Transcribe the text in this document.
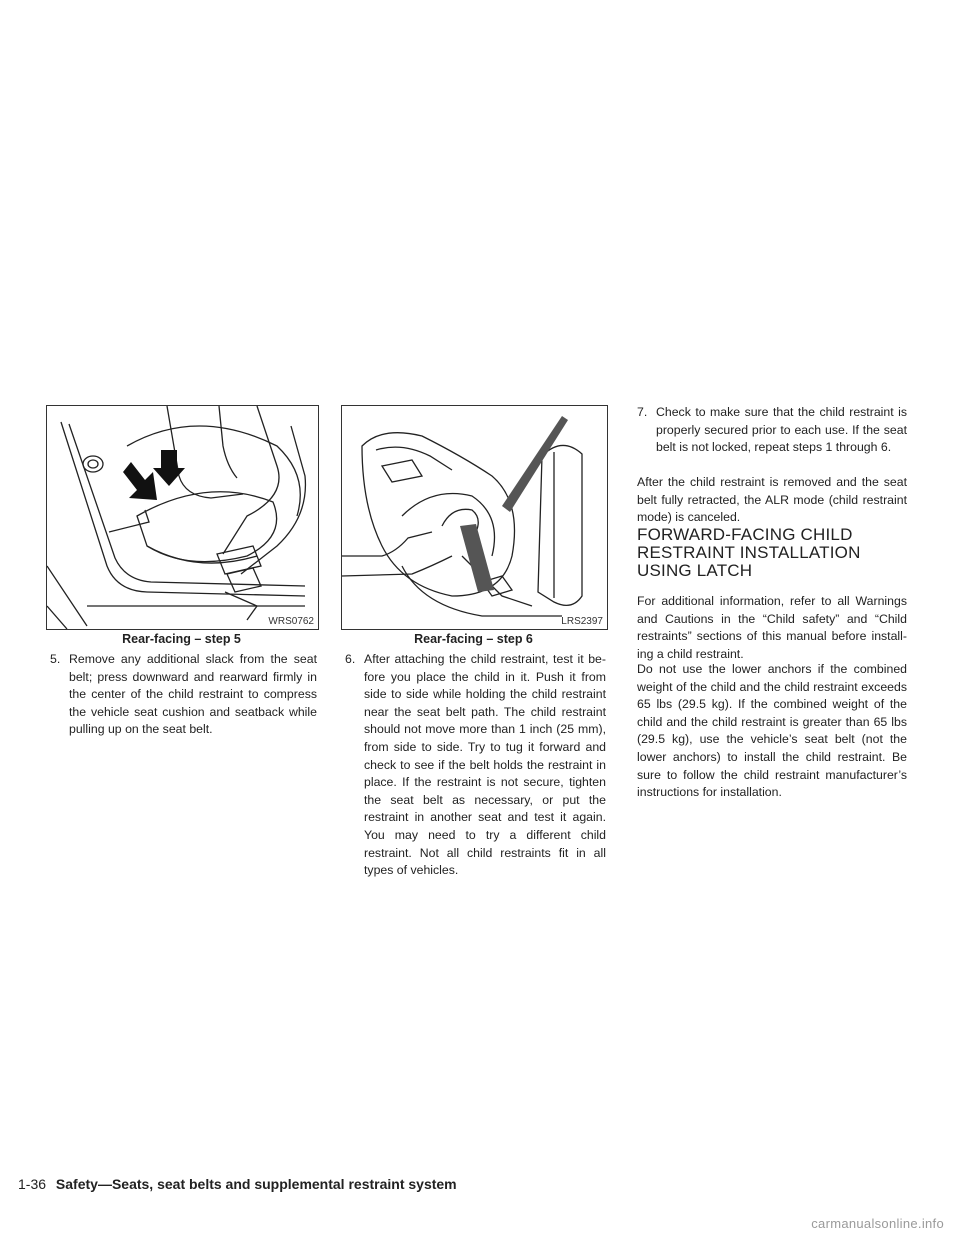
WRS0762
Rear-facing – step 5
LRS2397
Rear-facing – step 6
5. Remove any additional slack from the seat belt; press downward and rearward firmly in the center of the child restraint to compress the vehicle seat cushion and seatback while pulling up on the seat belt.
6. After attaching the child restraint, test it be-fore you place the child in it. Push it from side to side while holding the child restraint near the seat belt path. The child restraint should not move more than 1 inch (25 mm), from side to side. Try to tug it forward and check to see if the belt holds the restraint in place. If the restraint is not secure, tighten the seat belt as necessary, or put the restraint in another seat and test it again. You may need to try a different child restraint. Not all child restraints fit in all types of vehicles.
7. Check to make sure that the child restraint is properly secured prior to each use. If the seat belt is not locked, repeat steps 1 through 6.

After the child restraint is removed and the seat belt fully retracted, the ALR mode (child restraint mode) is canceled.

FORWARD-FACING CHILD RESTRAINT INSTALLATION USING LATCH

For additional information, refer to all Warnings and Cautions in the “Child safety” and “Child restraints” sections of this manual before install-ing a child restraint.

Do not use the lower anchors if the combined weight of the child and the child restraint exceeds 65 lbs (29.5 kg). If the combined weight of the child and the child restraint is greater than 65 lbs (29.5 kg), use the vehicle’s seat belt (not the lower anchors) to install the child restraint. Be sure to follow the child restraint manufacturer’s instructions for installation.

1-36 Safety—Seats, seat belts and supplemental restraint system
carmanualsonline.info
